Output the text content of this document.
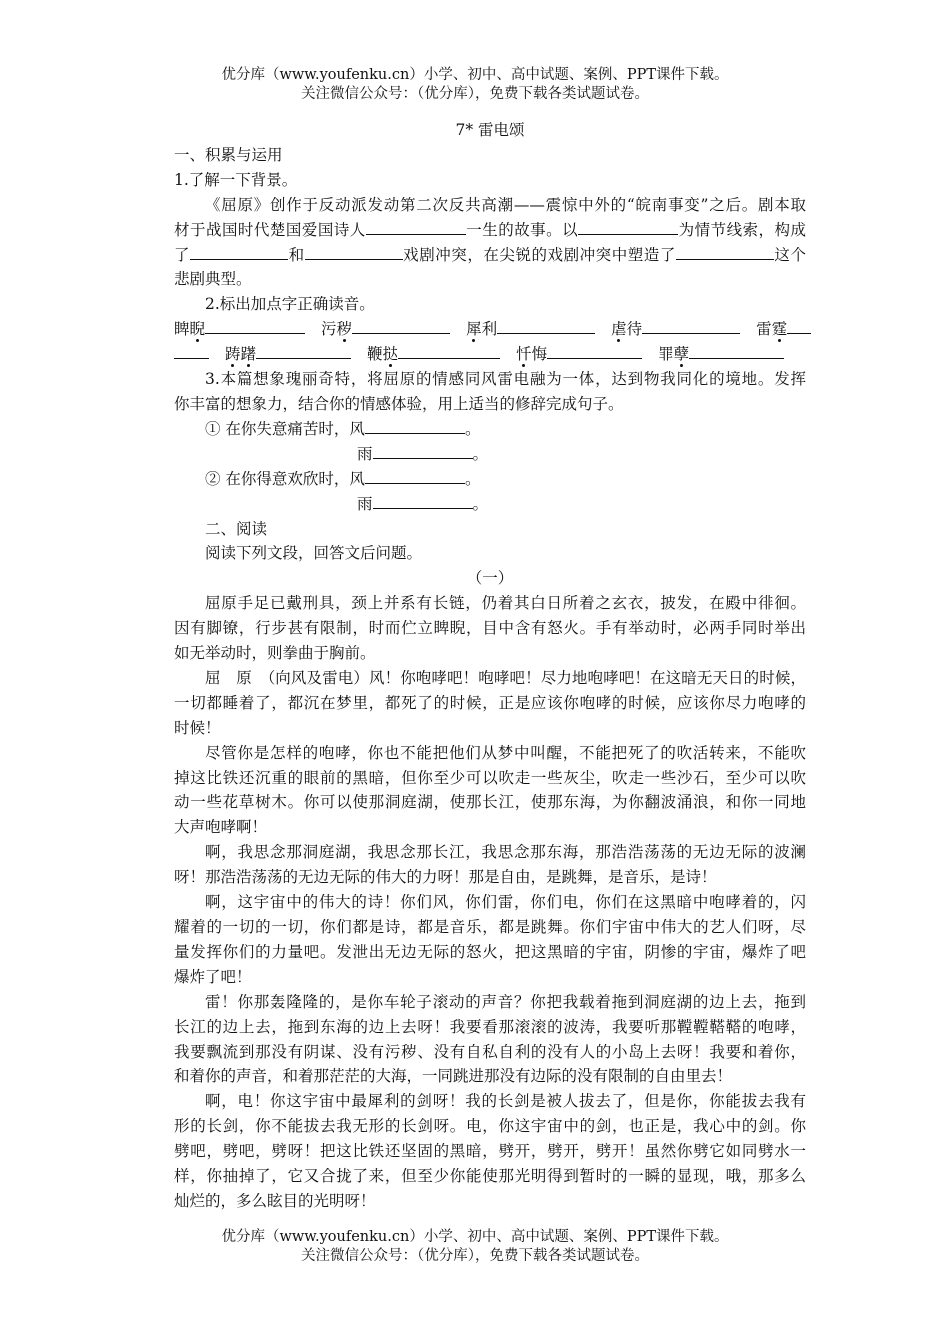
优分库（www.youfenku.cn）小学、初中、高中试题、案例、PPT课件下载。
关注微信公众号：（优分库），免费下载各类试题试卷。
7* 雷电颂
一、积累与运用
1.了解一下背景。
《屈原》创作于反动派发动第二次反共高潮——震惊中外的“皖南事变”之后。剧本取
材于战国时代楚国爱国诗人	一生的故事。以	为情节线索，构成
了	和	戏剧冲突，在尖锐的戏剧冲突中塑造了	这个
悲剧典型。
2.标出加点字正确读音。
睥睨	污秽	犀利	虐待	雷霆
踌躇	鞭挞	忏悔	罪孽
3.本篇想象瑰丽奇特，将屈原的情感同风雷电融为一体，达到物我同化的境地。发挥
你丰富的想象力，结合你的情感体验，用上适当的修辞完成句子。
① 在你失意痛苦时，风	。
雨	。
② 在你得意欢欣时，风	。
雨	。
二、阅读
阅读下列文段，回答文后问题。
（一）
屈原手足已戴刑具，颈上并系有长链，仍着其白日所着之玄衣，披发，在殿中徘徊。
因有脚镣，行步甚有限制，时而伫立睥睨，目中含有怒火。手有举动时，必两手同时举出
如无举动时，则拳曲于胸前。
屈　原　（向风及雷电）风！你咆哮吧！咆哮吧！尽力地咆哮吧！在这暗无天日的时候，
一切都睡着了，都沉在梦里，都死了的时候，正是应该你咆哮的时候，应该你尽力咆哮的
时候！
尽管你是怎样的咆哮，你也不能把他们从梦中叫醒，不能把死了的吹活转来，不能吹
掉这比铁还沉重的眼前的黑暗，但你至少可以吹走一些灰尘，吹走一些沙石，至少可以吹
动一些花草树木。你可以使那洞庭湖，使那长江，使那东海，为你翻波涌浪，和你一同地
大声咆哮啊！
啊，我思念那洞庭湖，我思念那长江，我思念那东海，那浩浩荡荡的无边无际的波澜
呀！那浩浩荡荡的无边无际的伟大的力呀！那是自由，是跳舞，是音乐，是诗！
啊，这宇宙中的伟大的诗！你们风，你们雷，你们电，你们在这黑暗中咆哮着的，闪
耀着的一切的一切，你们都是诗，都是音乐，都是跳舞。你们宇宙中伟大的艺人们呀，尽
量发挥你们的力量吧。发泄出无边无际的怒火，把这黑暗的宇宙，阴惨的宇宙，爆炸了吧
爆炸了吧！
雷！你那轰隆隆的，是你车轮子滚动的声音？你把我载着拖到洞庭湖的边上去，拖到
长江的边上去，拖到东海的边上去呀！我要看那滚滚的波涛，我要听那鞺鞺鞳鞳的咆哮，
我要飘流到那没有阴谋、没有污秽、没有自私自利的没有人的小岛上去呀！我要和着你，
和着你的声音，和着那茫茫的大海，一同跳进那没有边际的没有限制的自由里去！
啊，电！你这宇宙中最犀利的剑呀！我的长剑是被人拔去了，但是你，你能拔去我有
形的长剑，你不能拔去我无形的长剑呀。电，你这宇宙中的剑，也正是，我心中的剑。你
劈吧，劈吧，劈呀！把这比铁还坚固的黑暗，劈开，劈开，劈开！虽然你劈它如同劈水一
样，你抽掉了，它又合拢了来，但至少你能使那光明得到暂时的一瞬的显现，哦，那多么
灿烂的，多么眩目的光明呀！
优分库（www.youfenku.cn）小学、初中、高中试题、案例、PPT课件下载。
关注微信公众号：（优分库），免费下载各类试题试卷。
